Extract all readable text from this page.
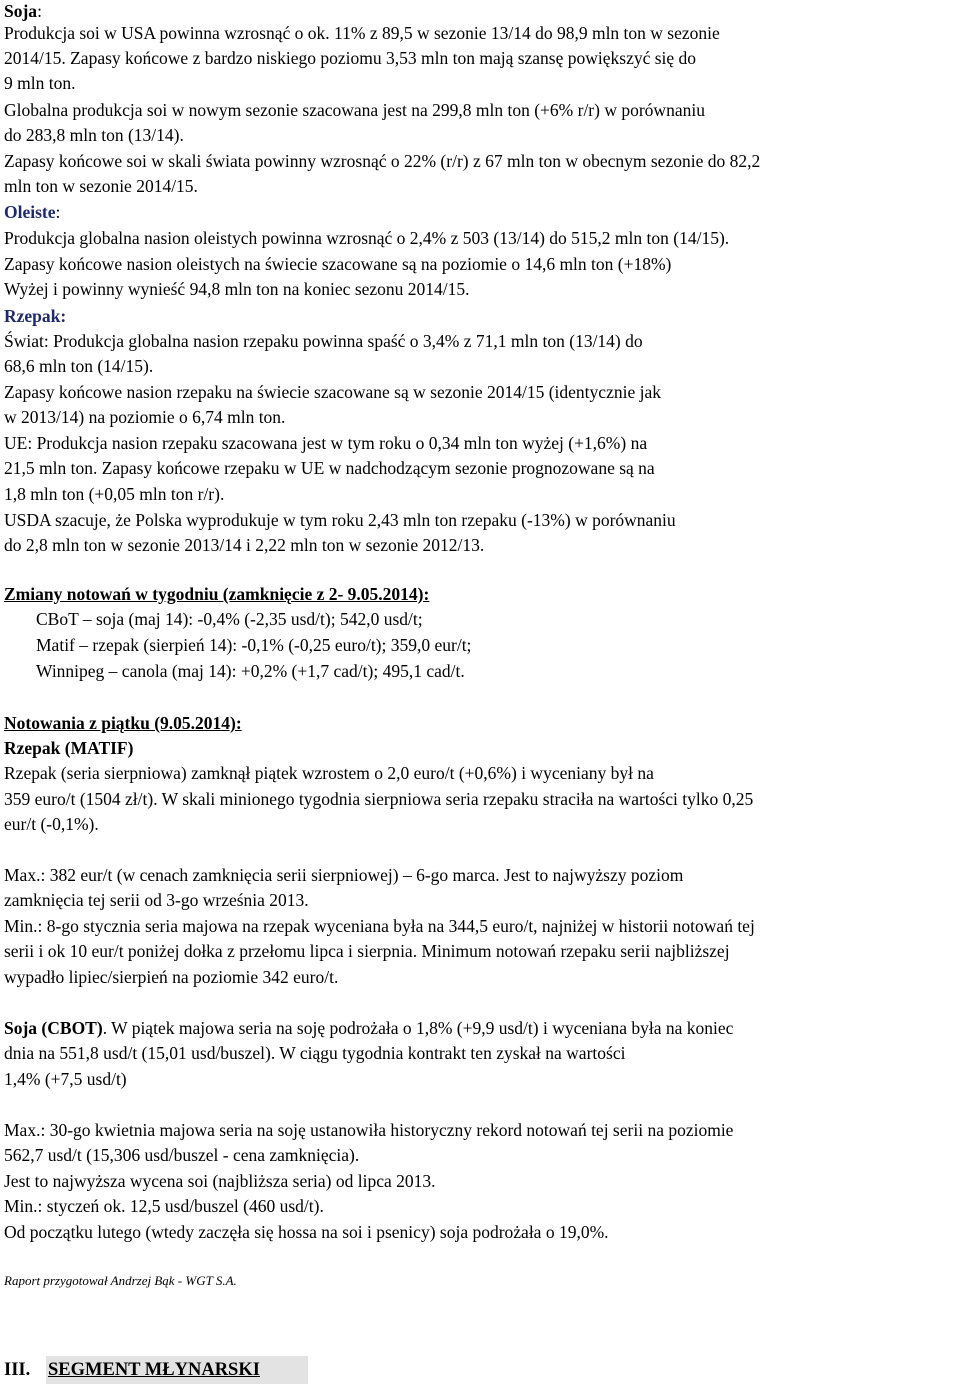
Soja:
Produkcja soi w USA powinna wzrosnąć o ok. 11% z 89,5 w sezonie 13/14 do 98,9 mln ton w sezonie
2014/15. Zapasy końcowe z bardzo niskiego poziomu 3,53 mln ton mają szansę powiększyć się do
9 mln ton.
Globalna produkcja soi w nowym sezonie szacowana jest na 299,8 mln ton (+6% r/r) w porównaniu
do 283,8 mln ton (13/14).
Zapasy końcowe soi w skali świata powinny wzrosnąć o 22% (r/r) z 67 mln ton w obecnym sezonie do 82,2
mln ton w sezonie 2014/15.
Oleiste:
Produkcja globalna nasion oleistych powinna wzrosnąć o 2,4% z 503 (13/14) do 515,2 mln ton (14/15).
Zapasy końcowe nasion oleistych na świecie szacowane są na poziomie o 14,6 mln ton (+18%)
Wyżej i powinny wynieść 94,8 mln ton na koniec sezonu 2014/15.
Rzepak:
Świat: Produkcja globalna nasion rzepaku powinna spaść o 3,4% z 71,1 mln ton (13/14) do
68,6 mln ton (14/15).
Zapasy końcowe nasion rzepaku na świecie szacowane są w sezonie 2014/15 (identycznie jak
w 2013/14) na poziomie o 6,74 mln ton.
UE: Produkcja nasion rzepaku szacowana jest w tym roku o 0,34 mln ton wyżej (+1,6%) na
21,5 mln ton. Zapasy końcowe rzepaku w UE w nadchodzącym sezonie prognozowane są na
1,8 mln ton (+0,05 mln ton r/r).
USDA szacuje, że Polska wyprodukuje w tym roku 2,43 mln ton rzepaku (-13%) w porównaniu
do 2,8 mln ton w sezonie 2013/14 i 2,22 mln ton w sezonie 2012/13.
Zmiany notowań w tygodniu (zamknięcie z 2- 9.05.2014):
CBoT – soja (maj 14): -0,4% (-2,35 usd/t); 542,0 usd/t;
Matif – rzepak (sierpień 14): -0,1% (-0,25 euro/t); 359,0 eur/t;
Winnipeg – canola (maj 14): +0,2% (+1,7 cad/t); 495,1 cad/t.
Notowania z piątku (9.05.2014):
Rzepak (MATIF)
Rzepak (seria sierpniowa) zamknął piątek wzrostem o 2,0 euro/t (+0,6%) i wyceniany był na
359 euro/t (1504 zł/t). W skali minionego tygodnia sierpniowa seria rzepaku straciła na wartości tylko 0,25
eur/t (-0,1%).
Max.: 382 eur/t (w cenach zamknięcia serii sierpniowej) – 6-go marca. Jest to najwyższy poziom
zamknięcia tej serii od 3-go września 2013.
Min.: 8-go stycznia seria majowa na rzepak wyceniana była na 344,5 euro/t, najniżej w historii notowań tej
serii i ok 10 eur/t poniżej dołka z przełomu lipca i sierpnia. Minimum notowań rzepaku serii najbliższej
wypadło lipiec/sierpień na poziomie 342 euro/t.
Soja (CBOT). W piątek majowa seria na soję podrożała o 1,8% (+9,9 usd/t) i wyceniana była na koniec
dnia na 551,8 usd/t (15,01 usd/buszel). W ciągu tygodnia kontrakt ten zyskał na wartości
1,4% (+7,5 usd/t)
Max.: 30-go kwietnia majowa seria na soję ustanowiła historyczny rekord notowań tej serii na poziomie
562,7 usd/t (15,306 usd/buszel - cena zamknięcia).
Jest to najwyższa wycena soi (najbliższa seria) od lipca 2013.
Min.: styczeń ok. 12,5 usd/buszel (460 usd/t).
Od początku lutego (wtedy zaczęła się hossa na soi i psenicy) soja podrożała o 19,0%.
Raport przygotował Andrzej Bąk - WGT S.A.
III. SEGMENT MŁYNARSKI
